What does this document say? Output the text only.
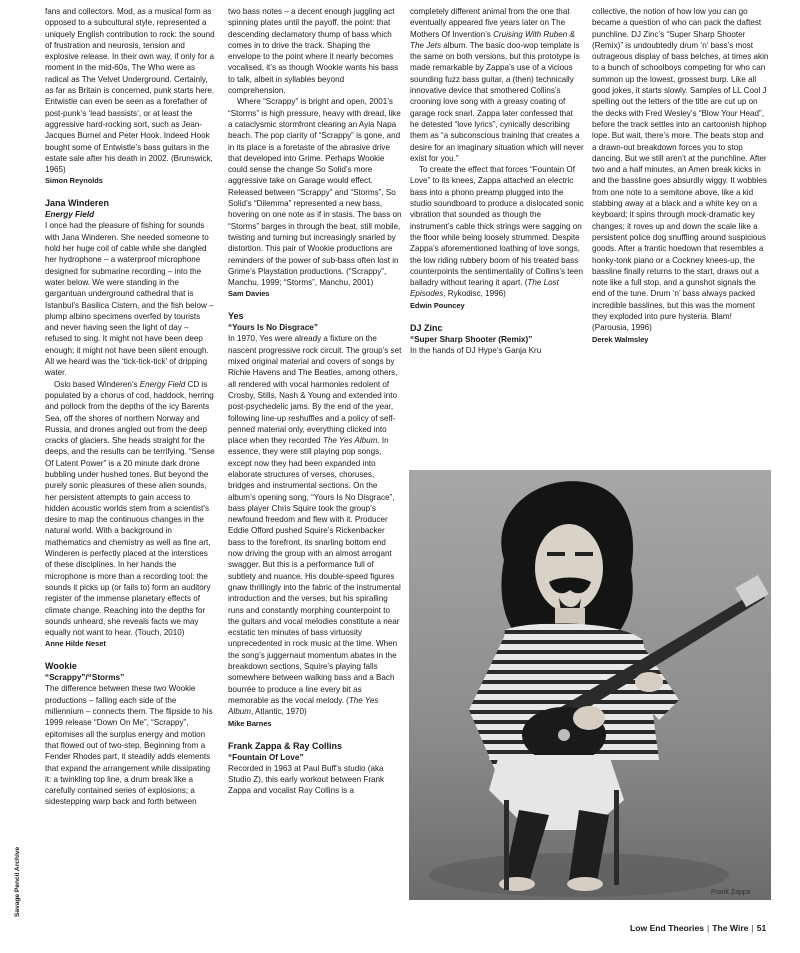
fans and collectors. Mod, as a musical form as opposed to a subcultural style, represented a uniquely English contribution to rock: the sound of frustration and neurosis, tension and explosive release. In their own way, if only for a moment in the mid-60s, The Who were as radical as The Velvet Underground. Certainly, as far as Britain is concerned, punk starts here. Entwistle can even be seen as a forefather of post-punk’s ‘lead bassists’, or at least the aggressive hard-rocking sort, such as Jean-Jacques Burnel and Peter Hook. Indeed Hook bought some of Entwistle’s bass guitars in the estate sale after his death in 2002. (Brunswick, 1965)

Simon Reynolds
Jana Winderen
Energy Field

I once had the pleasure of fishing for sounds with Jana Winderen. She needed someone to hold her huge coil of cable while she dangled her hydrophone – a waterproof microphone designed for submarine recording – into the water below. We were standing in the gargantuan underground cathedral that is Istanbul’s Basilica Cistern, and the fish below – plump albino specimens overfed by tourists and never having seen the light of day – refused to sing. It might not have been deep enough; it might not have been silent enough. All we heard was the ‘tick-tick-tick’ of dripping water.

Oslo based Winderen’s Energy Field CD is populated by a chorus of cod, haddock, herring and pollock from the depths of the icy Barents Sea, off the shores of northern Norway and Russia, and drones angled out from the deep cracks of glaciers. She heads straight for the deeps, and the results can be terrifying. “Sense Of Latent Power” is a 20 minute dark drone bubbling under hushed tones. But beyond the purely sonic pleasures of these alien sounds, her persistent attempts to gain access to hidden acoustic worlds stem from a scientist’s desire to map the continuous changes in the natural world. With a background in mathematics and chemistry as well as fine art, Winderen is perfectly placed at the interstices of these disciplines. In her hands the microphone is more than a recording tool: the sounds it picks up (or fails to) form an auditory register of the immense planetary effects of climate change. Reaching into the depths for sounds unheard, she reveals facts we may equally not want to hear. (Touch, 2010)

Anne Hilde Neset
Wookie
“Scrappy”/“Storms”

The difference between these two Wookie productions – falling each side of the millennium – connects them. The flipside to his 1999 release “Down On Me”, “Scrappy”, epitomises all the surplus energy and motion that flowed out of two-step. Beginning from a Fender Rhodes part, it steadily adds elements that expand the arrangement while dissipating it: a twinkling top line, a drum break like a carefully contained series of explosions; a sidestepping warp back and forth between

Savage Pencil Archive

two bass notes – a decent enough juggling act spinning plates until the payoff, the point: that descending declamatory thump of bass which comes in to drive the track. Shaping the envelope to the point where it nearly becomes vocalised, it’s as though Wookie wants his bass to talk, albeit in syllables beyond comprehension.

Where “Scrappy” is bright and open, 2001’s “Storms” is high pressure, heavy with dread, like a cataclysmic stormfront clearing an Ayia Napa beach. The pop clarity of “Scrappy” is gone, and in its place is a foretaste of the abrasive drive that developed into Grime. Perhaps Wookie could sense the change So Solid’s more aggressive take on Garage would effect. Released between “Scrappy” and “Storms”, So Solid’s “Dilemma” represented a new bass, hovering on one note as if in stasis. The bass on “Storms” barges in through the beat, still mobile, twisting and turning but increasingly snarled by distortion. This pair of Wookie productions are reminders of the power of sub-bass often lost in Grime’s Playstation productions. (“Scrappy”, Manchu, 1999; “Storms”, Manchu, 2001)

Sam Davies
Yes
“Yours Is No Disgrace”

In 1970, Yes were already a fixture on the nascent progressive rock circuit. The group’s set mixed original material and covers of songs by Richie Havens and The Beatles, among others, all rendered with vocal harmonies redolent of Crosby, Stills, Nash & Young and extended into post-psychedelic jams. By the end of the year, following line-up reshuffles and a policy of self-penned material only, everything clicked into place when they recorded The Yes Album. In essence, they were still playing pop songs, except now they had been expanded into elaborate structures of verses, choruses, bridges and instrumental sections. On the album’s opening song, “Yours Is No Disgrace”, bass player Chris Squire took the group’s newfound freedom and flew with it. Producer Eddie Offord pushed Squire’s Rickenbacker bass to the forefront, its snarling bottom end now driving the group with an almost arrogant swagger. But this is a performance full of subtlety and nuance. His double-speed figures gnaw thrillingly into the fabric of the instrumental introduction and the verses, but his spiralling runs and constantly morphing counterpoint to the guitars and vocal melodies constitute a near ecstatic ten minutes of bass virtuosity unprecedented in rock music at the time. When the song’s juggernaut momentum abates in the breakdown sections, Squire’s playing falls somewhere between walking bass and a Bach bourrée to produce a line every bit as memorable as the vocal melody. (The Yes Album, Atlantic, 1970)

Mike Barnes
Frank Zappa & Ray Collins
“Fountain Of Love”

Recorded in 1963 at Paul Buff’s studio (aka Studio Z), this early workout between Frank Zappa and vocalist Ray Collins is a

completely different animal from the one that eventually appeared five years later on The Mothers Of Invention’s Cruising With Ruben & The Jets album. The basic doo-wop template is the same on both versions, but this prototype is made remarkable by Zappa’s use of a vicious sounding fuzz bass guitar, a (then) technically innovative device that smothered Collins’s crooning love song with a greasy coating of garage rock snarl. Zappa later confessed that he detested “love lyrics”, cynically describing them as “a subconscious training that creates a desire for an imaginary situation which will never exist for you.”

To create the effect that forces “Fountain Of Love” to its knees, Zappa attached an electric bass into a phono preamp plugged into the studio soundboard to produce a dislocated sonic vibration that sounded as though the instrument’s cable thick strings were sagging on the floor while being loosely strummed. Despite Zappa’s aforementioned loathing of love songs, the low riding rubbery boom of his treated bass counterpoints the sentimentality of Collins’s teen balladry without tearing it apart. (The Lost Episodes, Rykodisc, 1996)

Edwin Pouncey
DJ Zinc
“Super Sharp Shooter (Remix)”

In the hands of DJ Hype’s Ganja Kru

collective, the notion of how low you can go became a question of who can pack the daftest punchline. DJ Zinc’s “Super Sharp Shooter (Remix)” is undoubtedly drum ’n’ bass’s most outrageous display of bass belches, at times akin to a bunch of schoolboys competing for who can summon up the lowest, grossest burp. Like all good jokes, it starts slowly. Samples of LL Cool J spelling out the letters of the title are cut up on the decks with Fred Wesley’s “Blow Your Head”, before the track settles into an cartoonish hiphop lope. But wait, there’s more. The beats stop and a drawn-out breakdown forces you to stop dancing. But we still aren’t at the punchline. After two and a half minutes, an Amen break kicks in and the bassline goes absurdly wiggy. It wobbles from one note to a semitone above, like a kid stabbing away at a black and a white key on a keyboard; it spins through mock-dramatic key changes; it roves up and down the scale like a persistent police dog snuffling around suspicious goods. After a frantic hoedown that resembles a honky-tonk piano or a Cockney knees-up, the bassline finally returns to the start, draws out a note like a full stop, and a gunshot signals the end of the tune. Drum ’n’ bass always packed incredible basslines, but this was the moment they exploded into pure hysteria. Blam! (Parousia, 1996)

Derek Walmsley
Frank Zappa
Low End Theories | The Wire | 51
